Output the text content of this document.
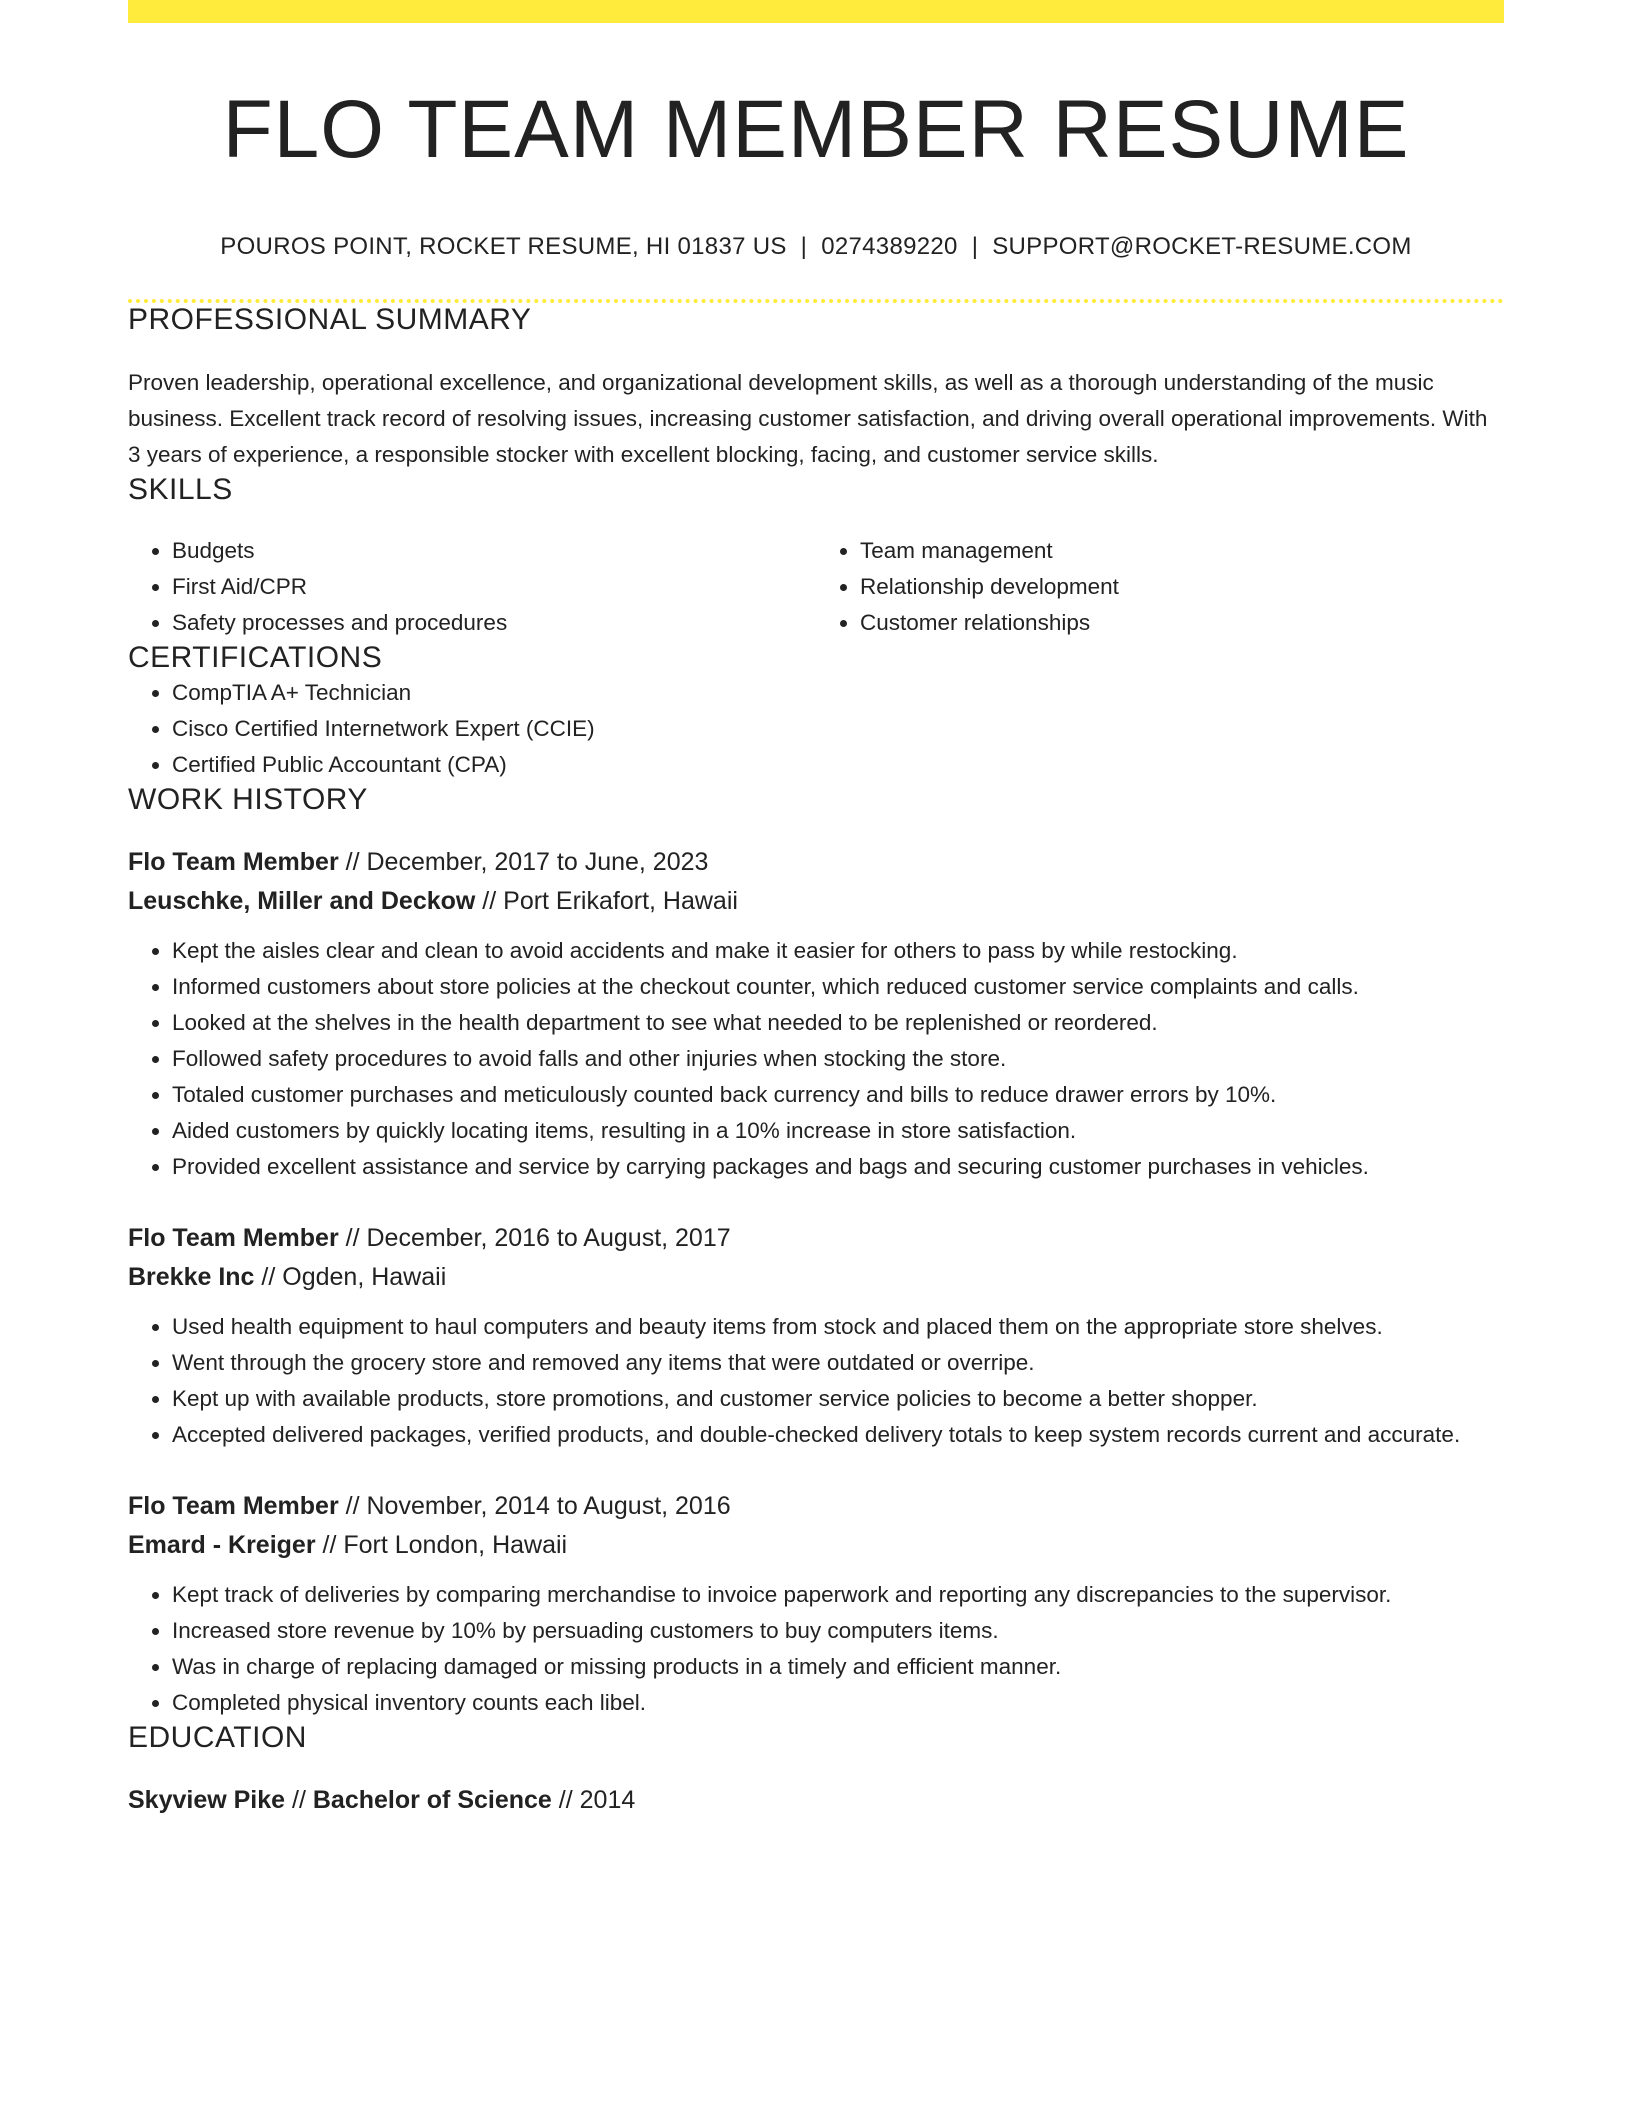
FLO TEAM MEMBER RESUME
POUROS POINT, ROCKET RESUME, HI 01837 US | 0274389220 | SUPPORT@ROCKET-RESUME.COM
PROFESSIONAL SUMMARY

Proven leadership, operational excellence, and organizational development skills, as well as a thorough understanding of the music business. Excellent track record of resolving issues, increasing customer satisfaction, and driving overall operational improvements. With 3 years of experience, a responsible stocker with excellent blocking, facing, and customer service skills.

SKILLS
• Budgets
• First Aid/CPR
• Safety processes and procedures
• Team management
• Relationship development
• Customer relationships
CERTIFICATIONS
• CompTIA A+ Technician
• Cisco Certified Internetwork Expert (CCIE)
• Certified Public Accountant (CPA)
WORK HISTORY
Flo Team Member // December, 2017 to June, 2023
Leuschke, Miller and Deckow // Port Erikafort, Hawaii
• Kept the aisles clear and clean to avoid accidents and make it easier for others to pass by while restocking.
• Informed customers about store policies at the checkout counter, which reduced customer service complaints and calls.
• Looked at the shelves in the health department to see what needed to be replenished or reordered.
• Followed safety procedures to avoid falls and other injuries when stocking the store.
• Totaled customer purchases and meticulously counted back currency and bills to reduce drawer errors by 10%.
• Aided customers by quickly locating items, resulting in a 10% increase in store satisfaction.
• Provided excellent assistance and service by carrying packages and bags and securing customer purchases in vehicles.
Flo Team Member // December, 2016 to August, 2017
Brekke Inc // Ogden, Hawaii
• Used health equipment to haul computers and beauty items from stock and placed them on the appropriate store shelves.
• Went through the grocery store and removed any items that were outdated or overripe.
• Kept up with available products, store promotions, and customer service policies to become a better shopper.
• Accepted delivered packages, verified products, and double-checked delivery totals to keep system records current and accurate.
Flo Team Member // November, 2014 to August, 2016
Emard - Kreiger // Fort London, Hawaii
• Kept track of deliveries by comparing merchandise to invoice paperwork and reporting any discrepancies to the supervisor.
• Increased store revenue by 10% by persuading customers to buy computers items.
• Was in charge of replacing damaged or missing products in a timely and efficient manner.
• Completed physical inventory counts each libel.
EDUCATION
Skyview Pike // Bachelor of Science // 2014
